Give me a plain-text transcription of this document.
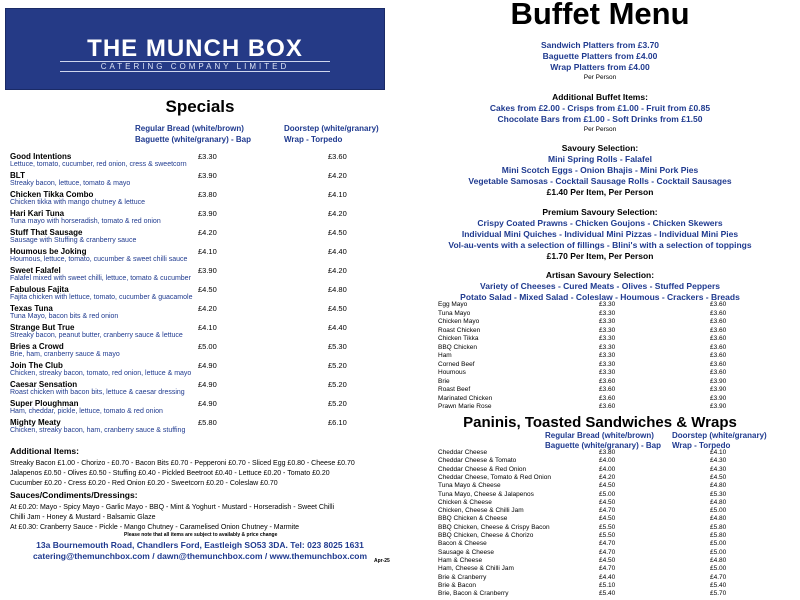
THE MUNCH BOX
CATERING COMPANY LIMITED
Specials
Regular Bread (white/brown)
Baguette (white/granary) - Bap
Doorstep (white/granary)
Wrap - Torpedo
Good Intentions
Lettuce, tomato, cucumber, red onion, cress & sweetcorn
£3.30	£3.60
BLT
Streaky bacon, lettuce, tomato & mayo
£3.90	£4.20
Chicken Tikka Combo
Chicken tikka with mango chutney & lettuce
£3.80	£4.10
Hari Kari Tuna
Tuna mayo with horseradish, tomato & red onion
£3.90	£4.20
Stuff That Sausage
Sausage with Stuffing & cranberry sauce
£4.20	£4.50
Houmous be Joking
Houmous, lettuce, tomato, cucumber & sweet chilli sauce
£4.10	£4.40
Sweet Falafel
Falafel mixed with sweet chilli, lettuce, tomato & cucumber
£3.90	£4.20
Fabulous Fajita
Fajita chicken with lettuce, tomato, cucumber & guacamole
£4.50	£4.80
Texas Tuna
Tuna Mayo, bacon bits & red onion
£4.20	£4.50
Strange But True
Streaky bacon, peanut butter, cranberry sauce & lettuce
£4.10	£4.40
Bries a Crowd
Brie, ham, cranberry sauce & mayo
£5.00	£5.30
Join The Club
Chicken, streaky bacon, tomato, red onion, lettuce & mayo
£4.90	£5.20
Caesar Sensation
Roast chicken with bacon bits, lettuce & caesar dressing
£4.90	£5.20
Super Ploughman
Ham, cheddar, pickle, lettuce, tomato & red onion
£4.90	£5.20
Mighty Meaty
Chicken, streaky bacon, ham, cranberry sauce & stuffing
£5.80	£6.10
Additional Items:
Streaky Bacon £1.00 - Chorizo - £0.70 - Bacon Bits £0.70 - Pepperoni £0.70 - Sliced Egg £0.80 - Cheese £0.70
Jalapenos £0.50 - Olives £0.50 - Stuffing £0.40 - Pickled Beetroot £0.40 - Lettuce £0.20 - Tomato £0.20
Cucumber £0.20 - Cress £0.20 - Red Onion £0.20 - Sweetcorn £0.20 - Coleslaw £0.70
Sauces/Condiments/Dressings:
At £0.20: Mayo - Spicy Mayo - Garlic Mayo - BBQ - Mint & Yoghurt - Mustard - Horseradish - Sweet Chilli
Chilli Jam - Honey & Mustard - Balsamic Glaze
At £0.30: Cranberry Sauce - Pickle - Mango Chutney - Caramelised Onion Chutney - Marmite
Please note that all items are subject to availably & price change
13a Bournemouth Road, Chandlers Ford, Eastleigh SO53 3DA. Tel: 023 8025 1631
catering@themunchbox.com / dawn@themunchbox.com / www.themunchbox.com	Apr-25
Buffet Menu
Sandwich Platters from £3.70
Baguette Platters from £4.00
Wrap Platters from £4.00
Per Person
Additional Buffet Items:
Cakes from £2.00 - Crisps from £1.00 - Fruit from £0.85
Chocolate Bars from £1.00 - Soft Drinks from £1.50
Per Person
Savoury Selection:
Mini Spring Rolls - Falafel
Mini Scotch Eggs - Onion Bhajis - Mini Pork Pies
Vegetable Samosas - Cocktail Sausage Rolls - Cocktail Sausages
£1.40 Per Item, Per Person
Premium Savoury Selection:
Crispy Coated Prawns - Chicken Goujons - Chicken Skewers
Individual Mini Quiches - Individual Mini Pizzas - Individual Mini Pies
Vol-au-vents with a selection of fillings - Blini's with a selection of toppings
£1.70 Per Item, Per Person
Artisan Savoury Selection:
Variety of Cheeses - Cured Meats - Olives - Stuffed Peppers
Potato Salad - Mixed Salad - Coleslaw - Houmous - Crackers - Breads
Egg Mayo	£3.30	£3.60
Tuna Mayo	£3.30	£3.60
Chicken Mayo	£3.30	£3.60
Roast Chicken	£3.30	£3.60
Chicken Tikka	£3.30	£3.60
BBQ Chicken	£3.30	£3.60
Ham	£3.30	£3.60
Corned Beef	£3.30	£3.60
Houmous	£3.30	£3.60
Brie	£3.60	£3.90
Roast Beef	£3.60	£3.90
Marinated Chicken	£3.60	£3.90
Prawn Marie Rose	£3.60	£3.90
Paninis, Toasted Sandwiches & Wraps
Regular Bread (white/brown)
Baguette (white/granary) - Bap
Doorstep (white/granary)
Wrap - Torpedo
Cheddar Cheese	£3.80	£4.10
Cheddar Cheese & Tomato	£4.00	£4.30
Cheddar Cheese & Red Onion	£4.00	£4.30
Cheddar Cheese, Tomato & Red Onion	£4.20	£4.50
Tuna Mayo & Cheese	£4.50	£4.80
Tuna Mayo, Cheese & Jalapenos	£5.00	£5.30
Chicken & Cheese	£4.50	£4.80
Chicken, Cheese & Chilli Jam	£4.70	£5.00
BBQ Chicken & Cheese	£4.50	£4.80
BBQ Chicken, Cheese & Crispy Bacon	£5.50	£5.80
BBQ Chicken, Cheese & Chorizo	£5.50	£5.80
Bacon & Cheese	£4.70	£5.00
Sausage & Cheese	£4.70	£5.00
Ham & Cheese	£4.50	£4.80
Ham, Cheese & Chilli Jam	£4.70	£5.00
Brie & Cranberry	£4.40	£4.70
Brie & Bacon	£5.10	£5.40
Brie, Bacon & Cranberry	£5.40	£5.70
